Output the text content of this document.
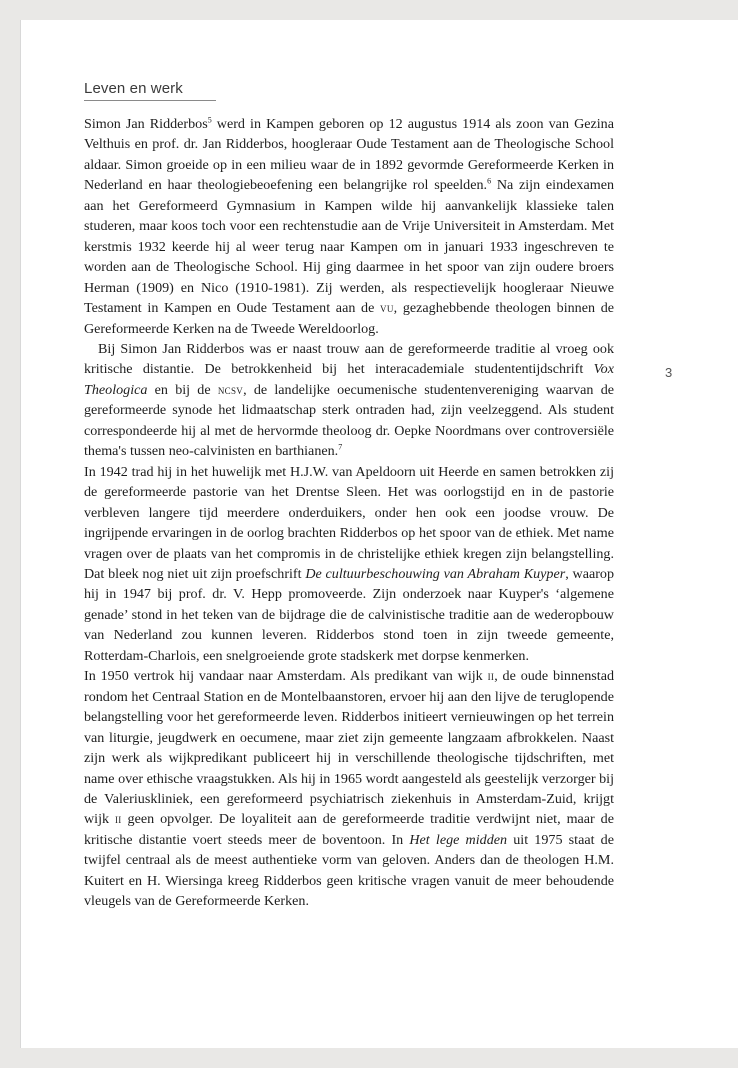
Leven en werk
3

Simon Jan Ridderbos$^5$ werd in Kampen geboren op 12 augustus 1914 als zoon van Gezina Velthuis en prof. dr. Jan Ridderbos, hoogleraar Oude Testament aan de Theologische School aldaar. Simon groeide op in een milieu waar de in 1892 gevormde Gereformeerde Kerken in Nederland en haar theologiebeoefening een belangrijke rol speelden.$^6$ Na zijn eindexamen aan het Gereformeerd Gymnasium in Kampen wilde hij aanvankelijk klassieke talen studeren, maar koos toch voor een rechtenstudie aan de Vrije Universiteit in Amsterdam. Met kerstmis 1932 keerde hij al weer terug naar Kampen om in januari 1933 ingeschreven te worden aan de Theologische School. Hij ging daarmee in het spoor van zijn oudere broers Herman (1909) en Nico (1910-1981). Zij werden, als respectievelijk hoogleraar Nieuwe Testament in Kampen en Oude Testament aan de vu, gezaghebbende theologen binnen de Gereformeerde Kerken na de Tweede Wereldoorlog.

Bij Simon Jan Ridderbos was er naast trouw aan de gereformeerde traditie al vroeg ook kritische distantie. De betrokkenheid bij het interacademiale studententijdschrift Vox Theologica en bij de ncsv, de landelijke oecumenische studentenvereniging waarvan de gereformeerde synode het lidmaatschap sterk ontraden had, zijn veelzeggend. Als student correspondeerde hij al met de hervormde theoloog dr. Oepke Noordmans over controversiële thema's tussen neo-calvinisten en barthianen.$^7$

In 1942 trad hij in het huwelijk met H.J.W. van Apeldoorn uit Heerde en samen betrokken zij de gereformeerde pastorie van het Drentse Sleen. Het was oorlogstijd en in de pastorie verbleven langere tijd meerdere onderduikers, onder hen ook een joodse vrouw. De ingrijpende ervaringen in de oorlog brachten Ridderbos op het spoor van de ethiek. Met name vragen over de plaats van het compromis in de christelijke ethiek kregen zijn belangstelling. Dat bleek nog niet uit zijn proefschrift De cultuurbeschouwing van Abraham Kuyper, waarop hij in 1947 bij prof. dr. V. Hepp promoveerde. Zijn onderzoek naar Kuyper's ‘algemene genade’ stond in het teken van de bijdrage die de calvinistische traditie aan de wederopbouw van Nederland zou kunnen leveren. Ridderbos stond toen in zijn tweede gemeente, Rotterdam-Charlois, een snelgroeiende grote stadskerk met dorpse kenmerken.

In 1950 vertrok hij vandaar naar Amsterdam. Als predikant van wijk ii, de oude binnenstad rondom het Centraal Station en de Montelbaanstoren, ervoer hij aan den lijve de teruglopende belangstelling voor het gereformeerde leven. Ridderbos initieert vernieuwingen op het terrein van liturgie, jeugdwerk en oecumene, maar ziet zijn gemeente langzaam afbrokkelen. Naast zijn werk als wijkpredikant publiceert hij in verschillende theologische tijdschriften, met name over ethische vraagstukken. Als hij in 1965 wordt aangesteld als geestelijk verzorger bij de Valeriuskliniek, een gereformeerd psychiatrisch ziekenhuis in Amsterdam-Zuid, krijgt wijk ii geen opvolger. De loyaliteit aan de gereformeerde traditie verdwijnt niet, maar de kritische distantie voert steeds meer de boventoon. In Het lege midden uit 1975 staat de twijfel centraal als de meest authentieke vorm van geloven. Anders dan de theologen H.M. Kuitert en H. Wiersinga kreeg Ridderbos geen kritische vragen vanuit de meer behoudende vleugels van de Gereformeerde Kerken.
